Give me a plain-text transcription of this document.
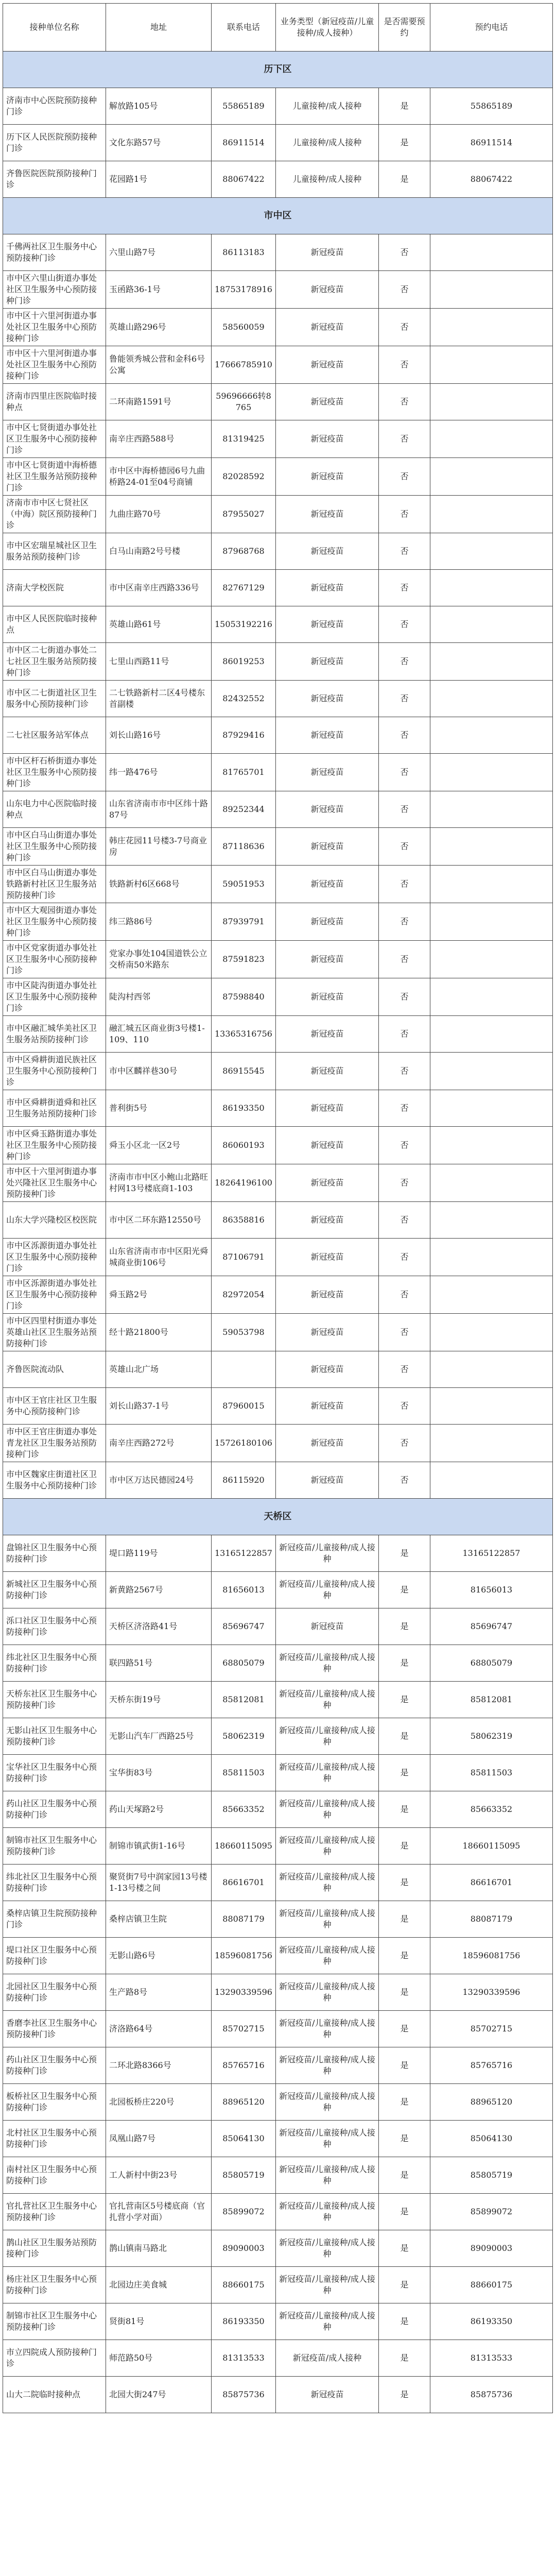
接种单位名称	地址	联系电话	业务类型（新冠疫苗/儿童接种/成人接种）	是否需要预约	预约电话
历下区					
济南市中心医院预防接种门诊	解放路105号	55865189	儿童接种/成人接种	是	55865189
历下区人民医院预防接种门诊	文化东路57号	86911514	儿童接种/成人接种	是	86911514
齐鲁医院医院预防接种门诊	花园路1号	88067422	儿童接种/成人接种	是	88067422
市中区					
千佛两社区卫生服务中心预防接种门诊	六里山路7号	86113183	新冠疫苗	否	
市中区六里山街道办事处社区卫生服务中心预防接种门诊	玉函路36-1号	18753178916	新冠疫苗	否	
市中区十六里河街道办事处社区卫生服务中心预防接种门诊	英雄山路296号	58560059	新冠疫苗	否	
市中区十六里河街道办事处社区卫生服务中心预防接种门诊	鲁能领秀城公营和金科6号公寓	17666785910	新冠疫苗	否	
济南市四里庄医院临时接种点	二环南路1591号	59696666转8765	新冠疫苗	否	
市中区七贤街道办事处社区卫生服务中心预防接种门诊	南辛庄西路588号	81319425	新冠疫苗	否	
市中区七贤街道中海桥德社区卫生服务站预防接种门诊	市中区中海桥德园6号九曲桥路24-01至04号商铺	82028592	新冠疫苗	否	
济南市市中区七贤社区（中海）院区预防接种门诊	九曲庄路70号	87955027	新冠疫苗	否	
市中区宏瑞星城社区卫生服务站预防接种门诊	白马山南路2号号楼	87968768	新冠疫苗	否	
济南大学校医院	市中区南辛庄西路336号	82767129	新冠疫苗	否	
市中区人民医院临时接种点	英雄山路61号	15053192216	新冠疫苗	否	
市中区二七街道办事处二七社区卫生服务站预防接种门诊	七里山西路11号	86019253	新冠疫苗	否	
市中区二七街道社区卫生服务中心预防接种门诊	二七铁路新村二区4号楼东首副楼	82432552	新冠疫苗	否	
二七社区服务站军体点	刘长山路16号	87929416	新冠疫苗	否	
市中区杆石桥街道办事处社区卫生服务中心预防接种门诊	纬一路476号	81765701	新冠疫苗	否	
山东电力中心医院临时接种点	山东省济南市市中区纬十路87号	89252344	新冠疫苗	否	
市中区白马山街道办事处社区卫生服务中心预防接种门诊	韩庄花园11号楼3-7号商业房	87118636	新冠疫苗	否	
市中区白马山街道办事处铁路新村社区卫生服务站预防接种门诊	铁路新村6区668号	59051953	新冠疫苗	否	
市中区大观园街道办事处社区卫生服务中心预防接种门诊	纬三路86号	87939791	新冠疫苗	否	
市中区党家街道办事处社区卫生服务中心预防接种门诊	党家办事处104国道铁公立交桥南50米路东	87591823	新冠疫苗	否	
市中区陡沟街道办事处社区卫生服务中心预防接种门诊	陡沟村西邻	87598840	新冠疫苗	否	
市中区融汇城华美社区卫生服务站预防接种门诊	融汇城五区商业街3号楼1-109、110	13365316756	新冠疫苗	否	
市中区舜耕街道民族社区卫生服务中心预防接种门诊	市中区麟祥巷30号	86915545	新冠疫苗	否	
市中区舜耕街道舜和社区卫生服务站预防接种门诊	普利街5号	86193350	新冠疫苗	否	
市中区舜玉路街道办事处社区卫生服务中心预防接种门诊	舜玉小区北一区2号	86060193	新冠疫苗	否	
市中区十六里河街道办事处兴隆社区卫生服务中心预防接种门诊	济南市市中区小鲍山北路旺村网13号楼底商1-103	18264196100	新冠疫苗	否	
山东大学兴隆校区校医院	市中区二环东路12550号	86358816	新冠疫苗	否	
市中区泺源街道办事处社区卫生服务中心预防接种门诊	山东省济南市市中区阳光舜城商业街106号	87106791	新冠疫苗	否	
市中区泺源街道办事处社区卫生服务中心预防接种门诊	舜玉路2号	82972054	新冠疫苗	否	
市中区四里村街道办事处英雄山社区卫生服务站预防接种门诊	经十路21800号	59053798	新冠疫苗	否	
齐鲁医院流动队	英雄山北广场		新冠疫苗	否	
市中区王官庄社区卫生服务中心预防接种门诊	刘长山路37-1号	87960015	新冠疫苗	否	
市中区王官庄街道办事处青龙社区卫生服务站预防接种门诊	南辛庄西路272号	15726180106	新冠疫苗	否	
市中区魏家庄街道社区卫生服务中心预防接种门诊	市中区万达民德园24号	86115920	新冠疫苗	否	
天桥区					
盘锦社区卫生服务中心预防接种门诊	堤口路119号	13165122857	新冠疫苗/儿童接种/成人接种	是	13165122857
新城社区卫生服务中心预防接种门诊	新黄路2567号	81656013	新冠疫苗/儿童接种/成人接种	是	81656013
泺口社区卫生服务中心预防接种门诊	天桥区济洛路41号	85696747	新冠疫苗	是	85696747
纬北社区卫生服务中心预防接种门诊	联四路51号	68805079	新冠疫苗/儿童接种/成人接种	是	68805079
天桥东社区卫生服务中心预防接种门诊	天桥东街19号	85812081	新冠疫苗/儿童接种/成人接种	是	85812081
无影山社区卫生服务中心预防接种门诊	无影山汽车厂西路25号	58062319	新冠疫苗/儿童接种/成人接种	是	58062319
宝华社区卫生服务中心预防接种门诊	宝华街83号	85811503	新冠疫苗/儿童接种/成人接种	是	85811503
药山社区卫生服务中心预防接种门诊	药山天塚路2号	85663352	新冠疫苗/儿童接种/成人接种	是	85663352
制锦市社区卫生服务中心预防接种门诊	制锦市镇武街1-16号	18660115095	新冠疫苗/儿童接种/成人接种	是	18660115095
纬北社区卫生服务中心预防接种门诊	聚贤街7号中润家园13号楼1-13号楼之间	86616701	新冠疫苗/儿童接种/成人接种	是	86616701
桑梓店镇卫生院预防接种门诊	桑梓店镇卫生院	88087179	新冠疫苗/儿童接种/成人接种	是	88087179
堤口社区卫生服务中心预防接种门诊	无影山路6号	18596081756	新冠疫苗/儿童接种/成人接种	是	18596081756
北园社区卫生服务中心预防接种门诊	生产路8号	13290339596	新冠疫苗/儿童接种/成人接种	是	13290339596
香磨李社区卫生服务中心预防接种门诊	济洛路64号	85702715	新冠疫苗/儿童接种/成人接种	是	85702715
药山社区卫生服务中心预防接种门诊	二环北路8366号	85765716	新冠疫苗/儿童接种/成人接种	是	85765716
板桥社区卫生服务中心预防接种门诊	北园板桥庄220号	88965120	新冠疫苗/儿童接种/成人接种	是	88965120
北村社区卫生服务中心预防接种门诊	凤凰山路7号	85064130	新冠疫苗/儿童接种/成人接种	是	85064130
南村社区卫生服务中心预防接种门诊	工人新村中街23号	85805719	新冠疫苗/儿童接种/成人接种	是	85805719
官扎营社区卫生服务中心预防接种门诊	官扎营南区5号楼底商（官扎营小学对面）	85899072	新冠疫苗/儿童接种/成人接种	是	85899072
鹊山社区卫生服务站预防接种门诊	鹊山镇南马路北	89090003	新冠疫苗/儿童接种/成人接种	是	89090003
杨庄社区卫生服务中心预防接种门诊	北园边庄美食城	88660175	新冠疫苗/儿童接种/成人接种	是	88660175
制锦市社区卫生服务中心预防接种门诊	贤街81号	86193350	新冠疫苗/儿童接种/成人接种	是	86193350
市立四院成人预防接种门诊	师范路50号	81313533	新冠疫苗/成人接种	是	81313533
山大二院临时接种点	北园大街247号	85875736	新冠疫苗	是	85875736
